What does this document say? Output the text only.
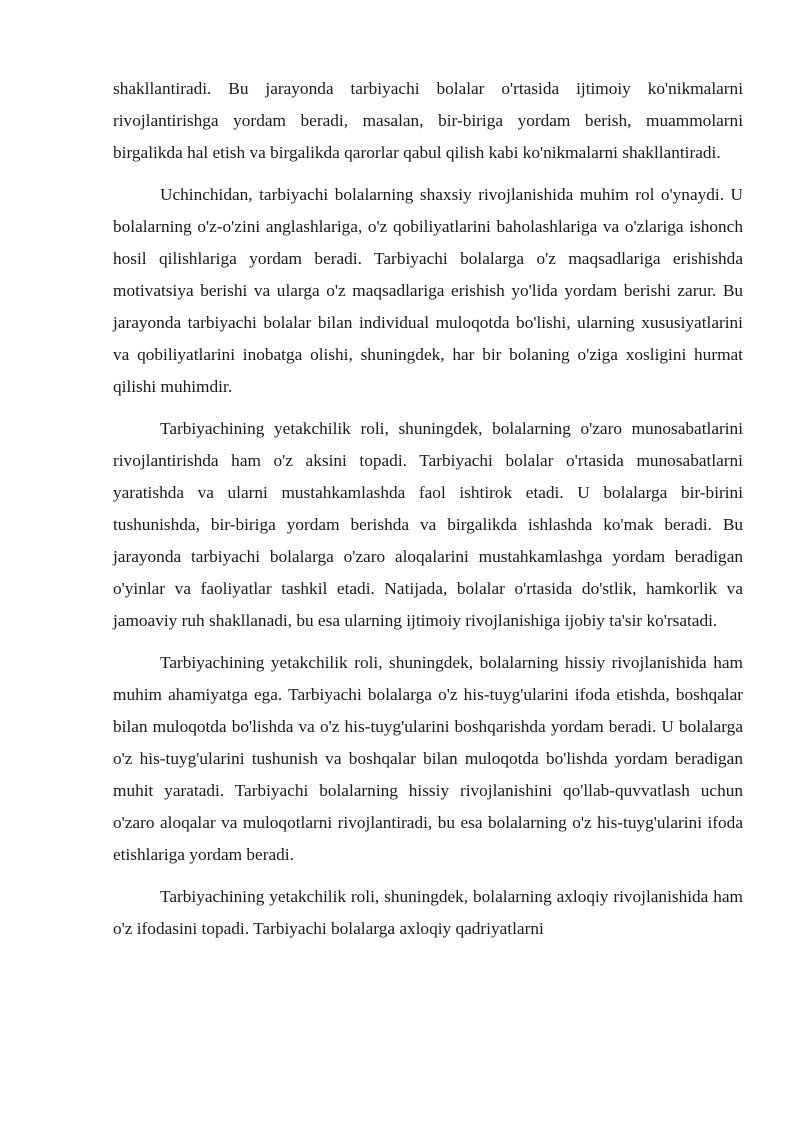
shakllantiradi. Bu jarayonda tarbiyachi bolalar o'rtasida ijtimoiy ko'nikmalarni rivojlantirishga yordam beradi, masalan, bir-biriga yordam berish, muammolarni birgalikda hal etish va birgalikda qarorlar qabul qilish kabi ko'nikmalarni shakllantiradi.

Uchinchidan, tarbiyachi bolalarning shaxsiy rivojlanishida muhim rol o'ynaydi. U bolalarning o'z-o'zini anglashlariga, o'z qobiliyatlarini baholashlariga va o'zlariga ishonch hosil qilishlariga yordam beradi. Tarbiyachi bolalarga o'z maqsadlariga erishishda motivatsiya berishi va ularga o'z maqsadlariga erishish yo'lida yordam berishi zarur. Bu jarayonda tarbiyachi bolalar bilan individual muloqotda bo'lishi, ularning xususiyatlarini va qobiliyatlarini inobatga olishi, shuningdek, har bir bolaning o'ziga xosligini hurmat qilishi muhimdir.

Tarbiyachining yetakchilik roli, shuningdek, bolalarning o'zaro munosabatlarini rivojlantirishda ham o'z aksini topadi. Tarbiyachi bolalar o'rtasida munosabatlarni yaratishda va ularni mustahkamlashda faol ishtirok etadi. U bolalarga bir-birini tushunishda, bir-biriga yordam berishda va birgalikda ishlashda ko'mak beradi. Bu jarayonda tarbiyachi bolalarga o'zaro aloqalarini mustahkamlashga yordam beradigan o'yinlar va faoliyatlar tashkil etadi. Natijada, bolalar o'rtasida do'stlik, hamkorlik va jamoaviy ruh shakllanadi, bu esa ularning ijtimoiy rivojlanishiga ijobiy ta'sir ko'rsatadi.

Tarbiyachining yetakchilik roli, shuningdek, bolalarning hissiy rivojlanishida ham muhim ahamiyatga ega. Tarbiyachi bolalarga o'z his-tuyg'ularini ifoda etishda, boshqalar bilan muloqotda bo'lishda va o'z his-tuyg'ularini boshqarishda yordam beradi. U bolalarga o'z his-tuyg'ularini tushunish va boshqalar bilan muloqotda bo'lishda yordam beradigan muhit yaratadi. Tarbiyachi bolalarning hissiy rivojlanishini qo'llab-quvvatlash uchun o'zaro aloqalar va muloqotlarni rivojlantiradi, bu esa bolalarning o'z his-tuyg'ularini ifoda etishlariga yordam beradi.

Tarbiyachining yetakchilik roli, shuningdek, bolalarning axloqiy rivojlanishida ham o'z ifodasini topadi. Tarbiyachi bolalarga axloqiy qadriyatlarni
